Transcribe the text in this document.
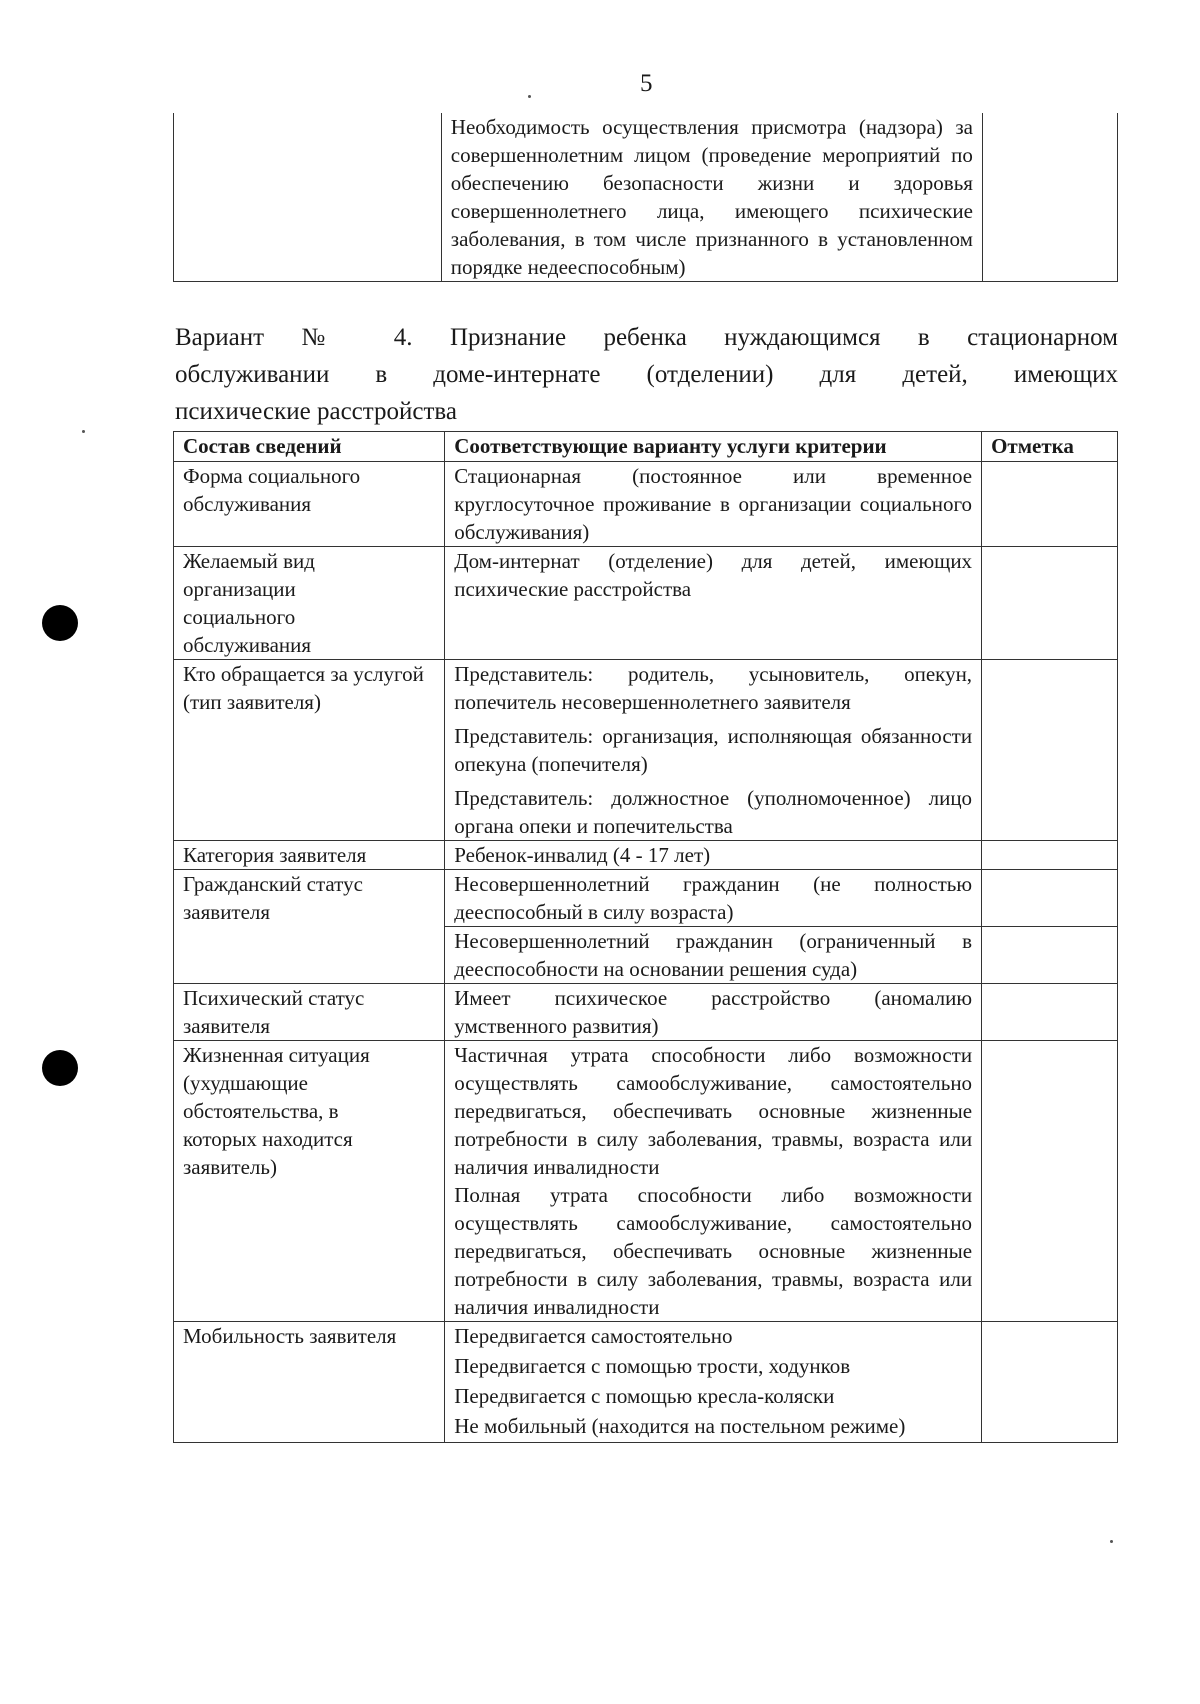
5
	Необходимость осуществления присмотра (надзора) за совершеннолетним лицом (проведение мероприятий по обеспечению безопасности жизни и здоровья совершеннолетнего лица, имеющего психические заболевания, в том числе признанного в установленном порядке недееспособным)	
Вариант № 4. Признание ребенка нуждающимся в стационарном
обслуживании в доме-интернате (отделении) для детей, имеющих
психические расстройства
Состав сведений	Соответствующие варианту услуги критерии	Отметка
Форма социального обслуживания	Стационарная (постоянное или временное круглосуточное проживание в организации социального обслуживания)	
Желаемый вид организации социального обслуживания	Дом-интернат (отделение) для детей, имеющих психические расстройства	
Кто обращается за услугой (тип заявителя)	Представитель: родитель, усыновитель, опекун, попечитель несовершеннолетнего заявителя
Представитель: организация, исполняющая обязанности опекуна (попечителя)
Представитель: должностное (уполномоченное) лицо органа опеки и попечительства	

Категория заявителя	Ребенок-инвалид (4 - 17 лет)	
Гражданский статус заявителя	Несовершеннолетний гражданин (не полностью дееспособный в силу возраста)	
	Несовершеннолетний гражданин (ограниченный в дееспособности на основании решения суда)	
Психический статус заявителя	Имеет психическое расстройство (аномалию умственного развития)	
Жизненная ситуация (ухудшающие обстоятельства, в которых находится заявитель)	Частичная утрата способности либо возможности осуществлять самообслуживание, самостоятельно передвигаться, обеспечивать основные жизненные потребности в силу заболевания, травмы, возраста или наличия инвалидности
Полная утрата способности либо возможности осуществлять самообслуживание, самостоятельно передвигаться, обеспечивать основные жизненные потребности в силу заболевания, травмы, возраста или наличия инвалидности	

Мобильность заявителя	Передвигается самостоятельно
Передвигается с помощью трости, ходунков
Передвигается с помощью кресла-коляски
Не мобильный (находится на постельном режиме)	
